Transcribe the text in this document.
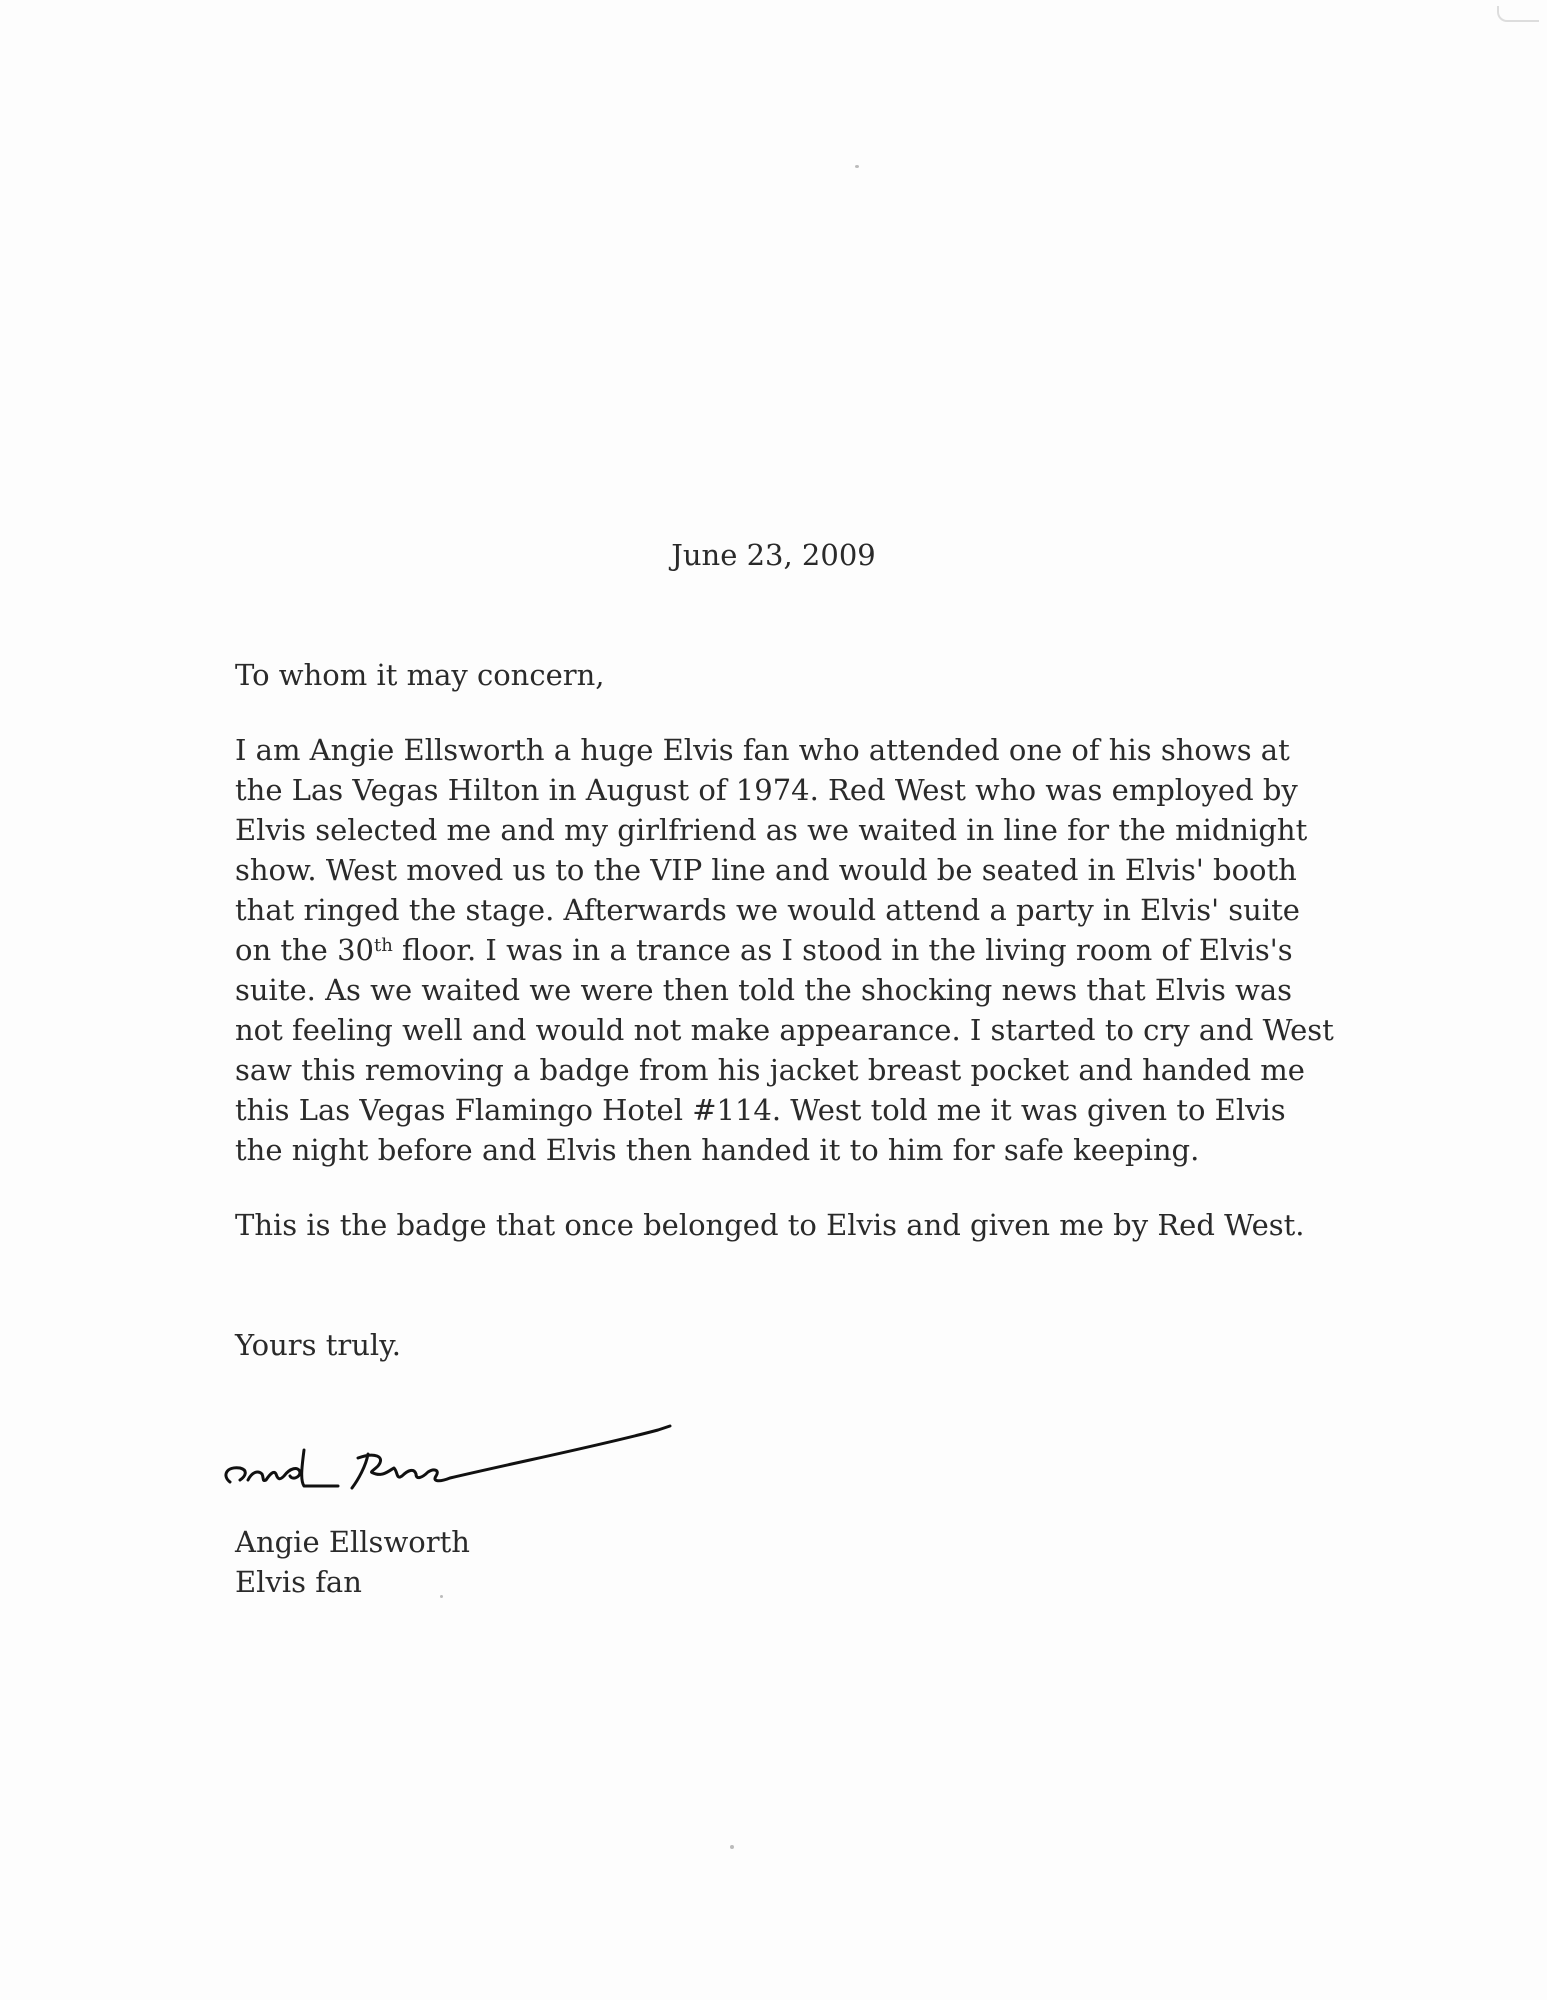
June 23, 2009
To whom it may concern,
I am Angie Ellsworth a huge Elvis fan who attended one of his shows at
the Las Vegas Hilton in August of 1974. Red West who was employed by
Elvis selected me and my girlfriend as we waited in line for the midnight
show. West moved us to the VIP line and would be seated in Elvis' booth
that ringed the stage. Afterwards we would attend a party in Elvis' suite
on the 30th floor. I was in a trance as I stood in the living room of Elvis's
suite. As we waited we were then told the shocking news that Elvis was
not feeling well and would not make appearance. I started to cry and West
saw this removing a badge from his jacket breast pocket and handed me
this Las Vegas Flamingo Hotel #114. West told me it was given to Elvis
the night before and Elvis then handed it to him for safe keeping.
This is the badge that once belonged to Elvis and given me by Red West.
Yours truly.
Angie Ellsworth
Elvis fan
